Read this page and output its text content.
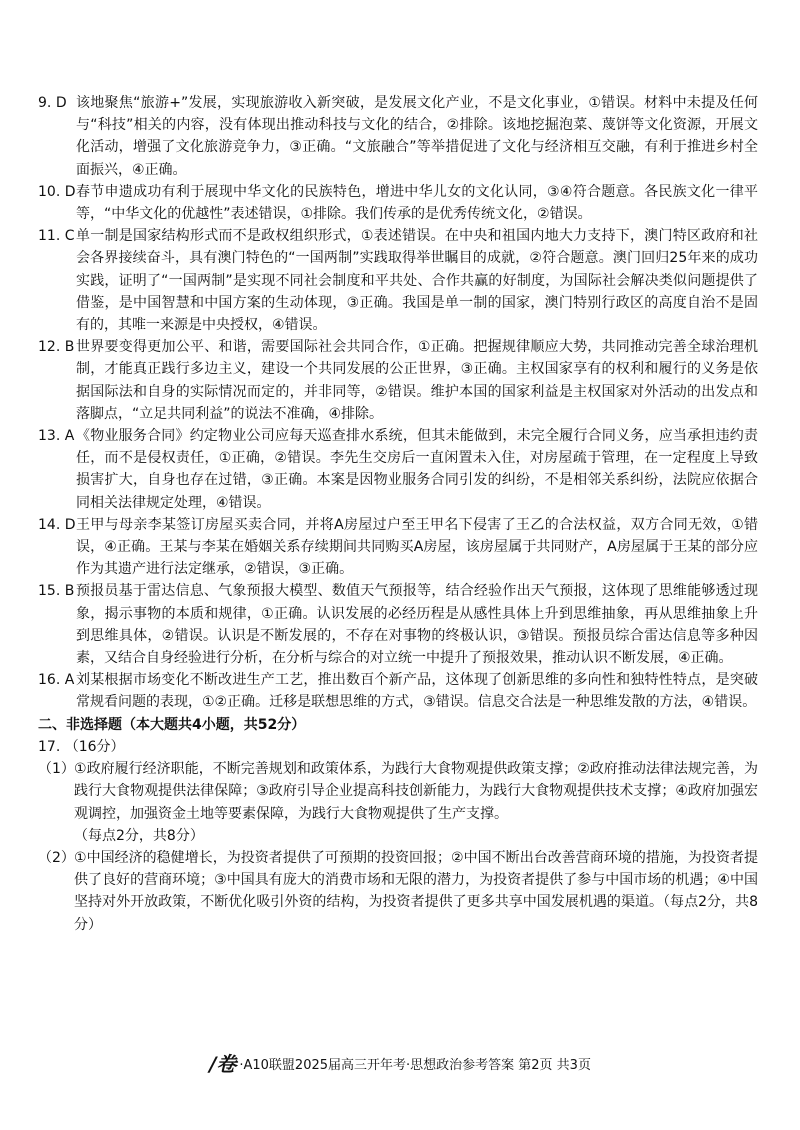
9. D 该地聚焦“旅游+”发展，实现旅游收入新突破，是发展文化产业，不是文化事业，①错误。材料中未提及任何与“科技”相关的内容，没有体现出推动科技与文化的结合，②排除。该地挖掘泡菜、蔑饼等文化资源，开展文化活动，增强了文化旅游竞争力，③正确。“文旅融合”等举措促进了文化与经济相互交融，有利于推进乡村全面振兴，④正确。
10. D 春节申遗成功有利于展现中华文化的民族特色，增进中华儿女的文化认同，③④符合题意。各民族文化一律平等，“中华文化的优越性”表述错误，①排除。我们传承的是优秀传统文化，②错误。
11. C 单一制是国家结构形式而不是政权组织形式，①表述错误。在中央和祖国内地大力支持下，澳门特区政府和社会各界接续奋斗，具有澳门特色的“一国两制”实践取得举世瞩目的成就，②符合题意。澳门回归25年来的成功实践，证明了“一国两制”是实现不同社会制度和平共处、合作共赢的好制度，为国际社会解决类似问题提供了借鉴，是中国智慧和中国方案的生动体现，③正确。我国是单一制的国家，澳门特别行政区的高度自治不是固有的，其唯一来源是中央授权，④错误。
12. B 世界要变得更加公平、和谐，需要国际社会共同合作，①正确。把握规律顺应大势，共同推动完善全球治理机制，才能真正践行多边主义，建设一个共同发展的公正世界，③正确。主权国家享有的权利和履行的义务是依据国际法和自身的实际情况而定的，并非同等，②错误。维护本国的国家利益是主权国家对外活动的出发点和落脚点，“立足共同利益”的说法不准确，④排除。
13. A 《物业服务合同》约定物业公司应每天巡查排水系统，但其未能做到，未完全履行合同义务，应当承担违约责任，而不是侵权责任，①正确，②错误。李先生交房后一直闲置未入住，对房屋疏于管理，在一定程度上导致损害扩大，自身也存在过错，③正确。本案是因物业服务合同引发的纠纷，不是相邻关系纠纷，法院应依据合同相关法律规定处理，④错误。
14. D 王甲与母亲李某签订房屋买卖合同，并将A房屋过户至王甲名下侵害了王乙的合法权益，双方合同无效，①错误，④正确。王某与李某在婚姻关系存续期间共同购买A房屋，该房屋属于共同财产，A房屋属于王某的部分应作为其遗产进行法定继承，②错误，③正确。
15. B 预报员基于雷达信息、气象预报大模型、数值天气预报等，结合经验作出天气预报，这体现了思维能够透过现象，揭示事物的本质和规律，①正确。认识发展的必经历程是从感性具体上升到思维抽象，再从思维抽象上升到思维具体，②错误。认识是不断发展的，不存在对事物的终极认识，③错误。预报员综合雷达信息等多种因素，又结合自身经验进行分析，在分析与综合的对立统一中提升了预报效果，推动认识不断发展，④正确。
16. A 刘某根据市场变化不断改进生产工艺，推出数百个新产品，这体现了创新思维的多向性和独特性特点，是突破常规看问题的表现，①②正确。迁移是联想思维的方式，③错误。信息交合法是一种思维发散的方法，④错误。

二、非选择题（本大题共4小题，共52分）

17. （16分）
（1） ①政府履行经济职能，不断完善规划和政策体系，为践行大食物观提供政策支撑；②政府推动法律法规完善，为践行大食物观提供法律保障；③政府引导企业提高科技创新能力，为践行大食物观提供技术支撑；④政府加强宏观调控，加强资金土地等要素保障，为践行大食物观提供了生产支撑。

（每点2分，共8分）

（2） ①中国经济的稳健增长，为投资者提供了可预期的投资回报；②中国不断出台改善营商环境的措施，为投资者提供了良好的营商环境；③中国具有庞大的消费市场和无限的潜力，为投资者提供了参与中国市场的机遇；④中国坚持对外开放政策，不断优化吸引外资的结构，为投资者提供了更多共享中国发展机遇的渠道。（每点2分，共8分）

/卷 ·A10联盟2025届高三开年考·思想政治参考答案 第2页 共3页
